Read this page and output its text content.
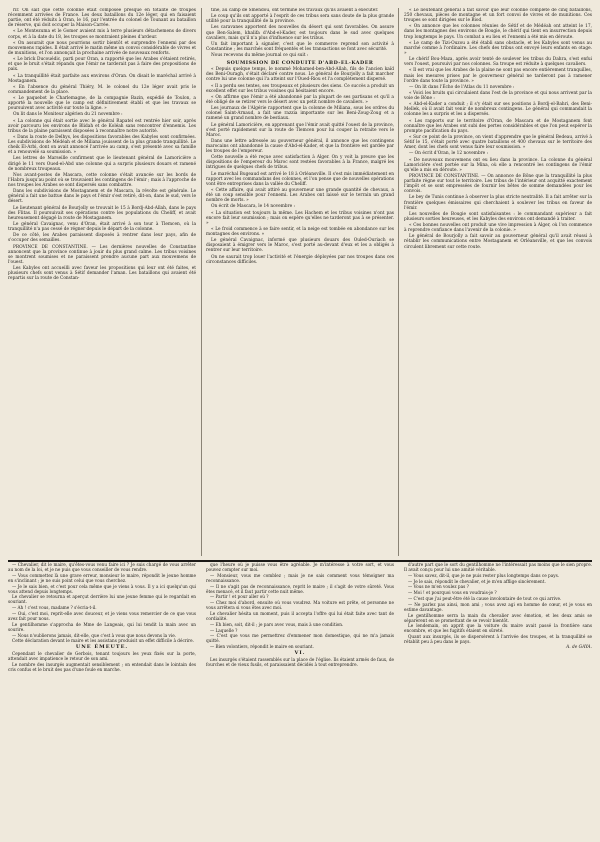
rir. On sait que cette colonne était composée presque en totalité de troupes récemment arrivées de France. Les deux bataillons du 12e léger, qui en faisaient partie, ont été réduits à Oran, le 16, par l'entrée du colonel de Tounant au bataillon de réserve, qui doit occuper la Maison-Carrée.

« Le Montezuma et le Gomer avaient mis à terre plusieurs détachemens de divers corps, et à la date du 18, les troupes se montraient pleines d'ardeur.

« On assurait que nous pourrions sortir bientôt et surprendre l'ennemi par des mouvemens rapides. Il était arrivé le matin même un convoi considérable de vivres et de munitions, et l'on annonçait la prochaine arrivée de nouveaux renforts.

« Le brick Ducouédic, parti pour Oran, a rapporté que les Arabes s'étaient retirés, et que le bruit s'était répandu que l'émir ne tarderait pas à faire des propositions de paix.

« La tranquillité était parfaite aux environs d'Oran. On disait le maréchal arrivé à Mostaganem.

« En l'absence du général Thiéry, M. le colonel du 12e léger avait pris le commandement de la place.

« Le paquebot le Charlemagne, de la compagnie Bazin, expédié de Toulon, a apporté la nouvelle que le camp est définitivement établi et que les travaux se poursuivent avec activité sur toute la ligne. »

On lit dans le Moniteur algérien du 21 novembre :

« La colonne qui était sortie avec le général Rapatel est rentrée hier soir, après avoir parcouru les environs de Blidah et de Koléah sans rencontrer d'ennemis. Les tribus de la plaine paraissent disposées à reconnaître notre autorité.

« Dans la route de Delhys, les dispositions favorables des Kabyles sont confirmées. Les subdivisions de Médéah et de Miliana jouissent de la plus grande tranquillité. Le cheik El-Arbi, dont on avait annoncé l'arrivée au camp, s'est présenté avec sa famille et a renouvelé sa soumission. »

Les lettres de Marseille confirment que le lieutenant général de Lamoricière a dirigé le 11 vers Oued-el-Abd une colonne qui a surpris plusieurs douars et ramené de nombreux troupeaux.

Nos avant-postes de Mascara, cette colonne s'était avancée sur les bords de l'Habra jusqu'au point où se trouvaient les contingens de l'émir ; mais à l'approche de nos troupes les Arabes se sont dispersés sans combattre.

Dans les subdivisions de Mostaganem et de Mascara, la révolte est générale. Le général a fait une battue dans le pays et l'émir s'est retiré, dit-on, dans le sud, vers le désert.

Le lieutenant général de Bourjolly se trouvait le 15 à Bordj-Abd-Allah, dans le pays des Flitas. Il poursuivait ses opérations contre les populations du Cheliff, et avait heureusement dégagé la route de Mostaganem.

Le général Cavaignac, venu d'Oran, était arrivé à son tour à Tlemcen, où la tranquillité n'a pas cessé de régner depuis le départ de la colonne.

De ce côté, les Arabes paraissent disposés à rentrer dans leur pays, afin de s'occuper des semailles.

PROVINCE DE CONSTANTINE. — Les dernières nouvelles de Constantine annoncent que la province continue à jouir du plus grand calme. Les tribus voisines se montrent soumises et ne paraissent prendre aucune part aux mouvemens de l'ouest.

Les Kabyles ont accueilli avec faveur les propositions qui leur ont été faites, et plusieurs chefs sont venus à Sétif demander l'aman. Les bataillons qui avaient été repartis sur la route de Constan-

tine, au camp de Smendou, ont terminé les travaux qu'ils avaient à exécuter.

Le coup qu'ils ont apporté à l'esprit de ces tribus sera sans doute de la plus grande utilité pour la tranquillité de la province.

Les caravanes apportent des nouvelles du désert qui sont favorables. On assure que Ben-Salem, khalifa d'Abd-el-Kader, est toujours dans le sud avec quelques cavaliers, mais qu'il n'a plus d'influence sur les tribus.

Un fait important à signaler, c'est que le commerce reprend son activité à Constantine ; les marchés sont fréquentés et les transactions se font avec sécurité.

Nous recevons du même journal ce qui suit :

SOUMISSION DE CONDUITE D'ABD-EL-KADER

« Depuis quelque temps, le nommé Mohamed-ben-Abd-Allah, fils de l'ancien kaïd des Beni-Ouragh, s'était déclaré contre nous. Le général de Bourjolly a fait marcher contre lui une colonne qui l'a atteint sur l'Oued-Riou et l'a complètement dispersé.

« Il a perdu ses tentes, ses troupeaux et plusieurs des siens. Ce succès a produit un excellent effet sur les tribus voisines qui hésitaient encore.

« On affirme que l'émir a été abandonné par la plupart de ses partisans et qu'il a été obligé de se retirer vers le désert avec un petit nombre de cavaliers. »

Les journaux de l'Algérie rapportent que la colonne de Miliana, sous les ordres du colonel Saint-Arnaud, a fait une razzia importante sur les Beni-Zoug-Zoug et a ramené un grand nombre de bestiaux.

Le général Lamoricière, en apprenant que l'émir avait quitté l'ouest de la province, s'est porté rapidement sur la route de Tlemcen pour lui couper la retraite vers le Maroc.

Dans une lettre adressée au gouverneur général, il annonce que les contingens marocains ont abandonné la cause d'Abd-el-Kader, et que la frontière est gardée par les troupes de l'empereur.

Cette nouvelle a été reçue avec satisfaction à Alger. On y voit la preuve que les dispositions de l'empereur du Maroc sont restées favorables à la France, malgré les intrigues de quelques chefs de tribus.

Le maréchal Bugeaud est arrivé le 18 à Orléansville. Il s'est mis immédiatement en rapport avec les commandans des colonnes, et l'on pense que de nouvelles opérations vont être entreprises dans la vallée du Cheliff.

« Cette affaire, qui avait attiré au gouverneur une grande quantité de chevaux, a été un coup sensible pour l'ennemi. Les Arabes ont laissé sur le terrain un grand nombre de morts. »

On écrit de Mascara, le 14 novembre :

« La situation est toujours la même. Les Hachem et les tribus voisines n'ont pas encore fait leur soumission ; mais on espère qu'elles ne tarderont pas à se présenter. »

« Le froid commence à se faire sentir, et la neige est tombée en abondance sur les montagnes des environs. »

Le général Cavaignac, informé que plusieurs douars des Ouled-Ouriach se disposaient à émigrer vers le Maroc, s'est porté au-devant d'eux et les a obligés à rentrer sur leur territoire.

On ne saurait trop louer l'activité et l'énergie déployées par nos troupes dans ces circonstances difficiles.

« Le lieutenant général a fait savoir que leur colonne complète de cinq bataillons, 250 chevaux, pièces de montagne et un fort convoi de vivres et de munitions. Ces troupes se sont dirigées sur le Biod.

« On annonce que les colonnes réunies de Sétif et de Médéah ont atteint le 17, dans les montagnes des environs de Bougie, le chérif qui tient en insurrection depuis trop longtemps le pays. Un combat a eu lieu et l'ennemi a été mis en déroute.

« Le camp de Tizi-Ouzou a été établi sans obstacle, et les Kabyles sont venus au marché comme à l'ordinaire. Les chefs des tribus ont envoyé leurs enfants en otage. »

Le chérif Bou-Maza, après avoir tenté de soulever les tribus du Dahra, s'est enfui vers l'ouest, poursuivi par nos colonnes. Sa troupe est réduite à quelques cavaliers.

« Il est vrai que les Arabes de la plaine ne sont pas encore entièrement tranquilles, mais les mesures prises par le gouverneur général ne tarderont pas à ramener l'ordre dans toute la province. »

— On lit dans l'Écho de l'Atlas du 11 novembre :

« Voici les bruits qui circulaient dans l'est de la province et qui nous arrivent par la voie de Bône :

« Abd-el-Kader a conduit ; il s'y était sur ses positions à Bordj-el-Bahri, des Beni-Mellek, où il avait fait venir de nombreux contingens. Le général qui commandait la colonne les a surpris et les a dispersés.

« Les rapports sur le territoire d'Oran, de Mascara et de Mostaganem font connaître que les Arabes ont subi des pertes considérables et que l'on peut espérer la prompte pacification du pays.

« Sur ce point de la province, on vient d'apprendre que le général Bedeau, arrivé à Sétif le 15, s'était porté avec quatre bataillons et 400 chevaux sur le territoire des Amer, dont les chefs sont venus faire leur soumission. »

— On écrit d'Oran, le 12 novembre :

« De nouveaux mouvemens ont eu lieu dans la province. La colonne du général Lamoricière s'est portée sur la Mina, où elle a rencontré les contingens de l'émir qu'elle a mis en déroute. »

PROVINCE DE CONSTANTINE. — On annonce de Bône que la tranquillité la plus parfaite règne sur tout le territoire. Les tribus de l'intérieur ont acquitté exactement l'impôt et se sont empressées de fournir les bêtes de somme demandées pour les convois.

Le bey de Tunis continue à observer la plus stricte neutralité. Il a fait arrêter sur la frontière quelques émissaires qui cherchaient à soulever les tribus en faveur de l'émir.

Les nouvelles de Bougie sont satisfaisantes : le commandant supérieur a fait plusieurs sorties heureuses, et les Kabyles des environs ont demandé à traiter.

« Ces bonnes nouvelles ont produit une vive impression à Alger, où l'on commence à reprendre confiance dans l'avenir de la colonie. »

Le général de Bourjolly a fait savoir au gouverneur général qu'il avait réussi à rétablir les communications entre Mostaganem et Orléansville, et que les convois circulent librement sur cette route.

— Chevalier, dit le maire, qu'êtes-vous venu faire ici ? Je suis chargé de vous arrêter au nom de la loi, et je ne puis que vous conseiller de vous rendre.

— Vous commettez là une grave erreur, monsieur le maire, répondit le jeune homme en s'inclinant ; je ne suis point celui que vous cherchez.

— Je le sais bien, et c'est pour cela même que je viens à vous. Il y a ici quelqu'un qui vous attend depuis longtemps.

Le chevalier se retourna et aperçut derrière lui une jeune femme qui le regardait en souriant.

— Ah ! c'est vous, madame ? s'écria-t-il.

— Oui, c'est moi, reprit-elle avec douceur, et je viens vous remercier de ce que vous avez fait pour nous.

Le gentilhomme s'approcha de Mme de Langeais, qui lui tendit la main avec un sourire.

— Nous n'oublierons jamais, dit-elle, que c'est à vous que nous devons la vie.

Cette déclaration devant le maire et les assistans produisit un effet difficile à décrire.

UNE ÉMEUTE.

Cependant le chevalier de Gerbois, tenant toujours les yeux fixés sur la porte, attendait avec impatience le retour de son ami.

Le nombre des insurgés augmentait sensiblement ; on entendait dans le lointain des cris confus et le bruit des pas d'une foule en marche.

que l'heure où je puisse vous être agréable. Je m'intéresse à votre sort, et vous pouvez compter sur moi.

— Monsieur, vous me comblez ; mais je ne sais comment vous témoigner ma reconnaissance.

— Il ne s'agit pas de reconnaissance, reprit le maire ; il s'agit de votre sûreté. Vous êtes menacé, et il faut partir cette nuit même.

— Partir ! et pour aller où ?

— Chez moi d'abord, ensuite où vous voudrez. Ma voiture est prête, et personne ne vous arrêtera si vous êtes avec moi.

Le chevalier hésita un moment, puis il accepta l'offre qui lui était faite avec tant de cordialité.

— Eh bien, soit, dit-il ; je pars avec vous, mais à une condition.

— Laquelle ?

— C'est que vous me permettrez d'emmener mon domestique, qui ne m'a jamais quitté.

— Bien volontiers, répondit le maire en souriant.

VI.

Les insurgés s'étaient rassemblés sur la place de l'église. Ils étaient armés de faux, de fourches et de vieux fusils, et paraissaient décidés à tout entreprendre.

d'autre part que le sort du gentilhomme ne l'intéressait pas moins que le sien propre. Il avait conçu pour lui une amitié véritable.

— Vous savez, dit-il, que je ne puis rester plus longtemps dans ce pays.

— Je le sais, répondit le chevalier, et je m'en afflige sincèrement.

— Vous ne m'en voulez pas ?

— Moi ! et pourquoi vous en voudrais-je ?

— C'est que j'ai peut-être été la cause involontaire de tout ce qui arrive.

— Ne parlez pas ainsi, mon ami ; vous avez agi en homme de cœur, et je vous en estime davantage.

Le gentilhomme serra la main du chevalier avec émotion, et les deux amis se séparèrent en se promettant de se revoir bientôt.

Le lendemain, on apprit que la voiture du maire avait passé la frontière sans encombre, et que les fugitifs étaient en sûreté.

Quant aux insurgés, ils se dispersèrent à l'arrivée des troupes, et la tranquillité se rétablit peu à peu dans le pays.

A. de GAYA.
